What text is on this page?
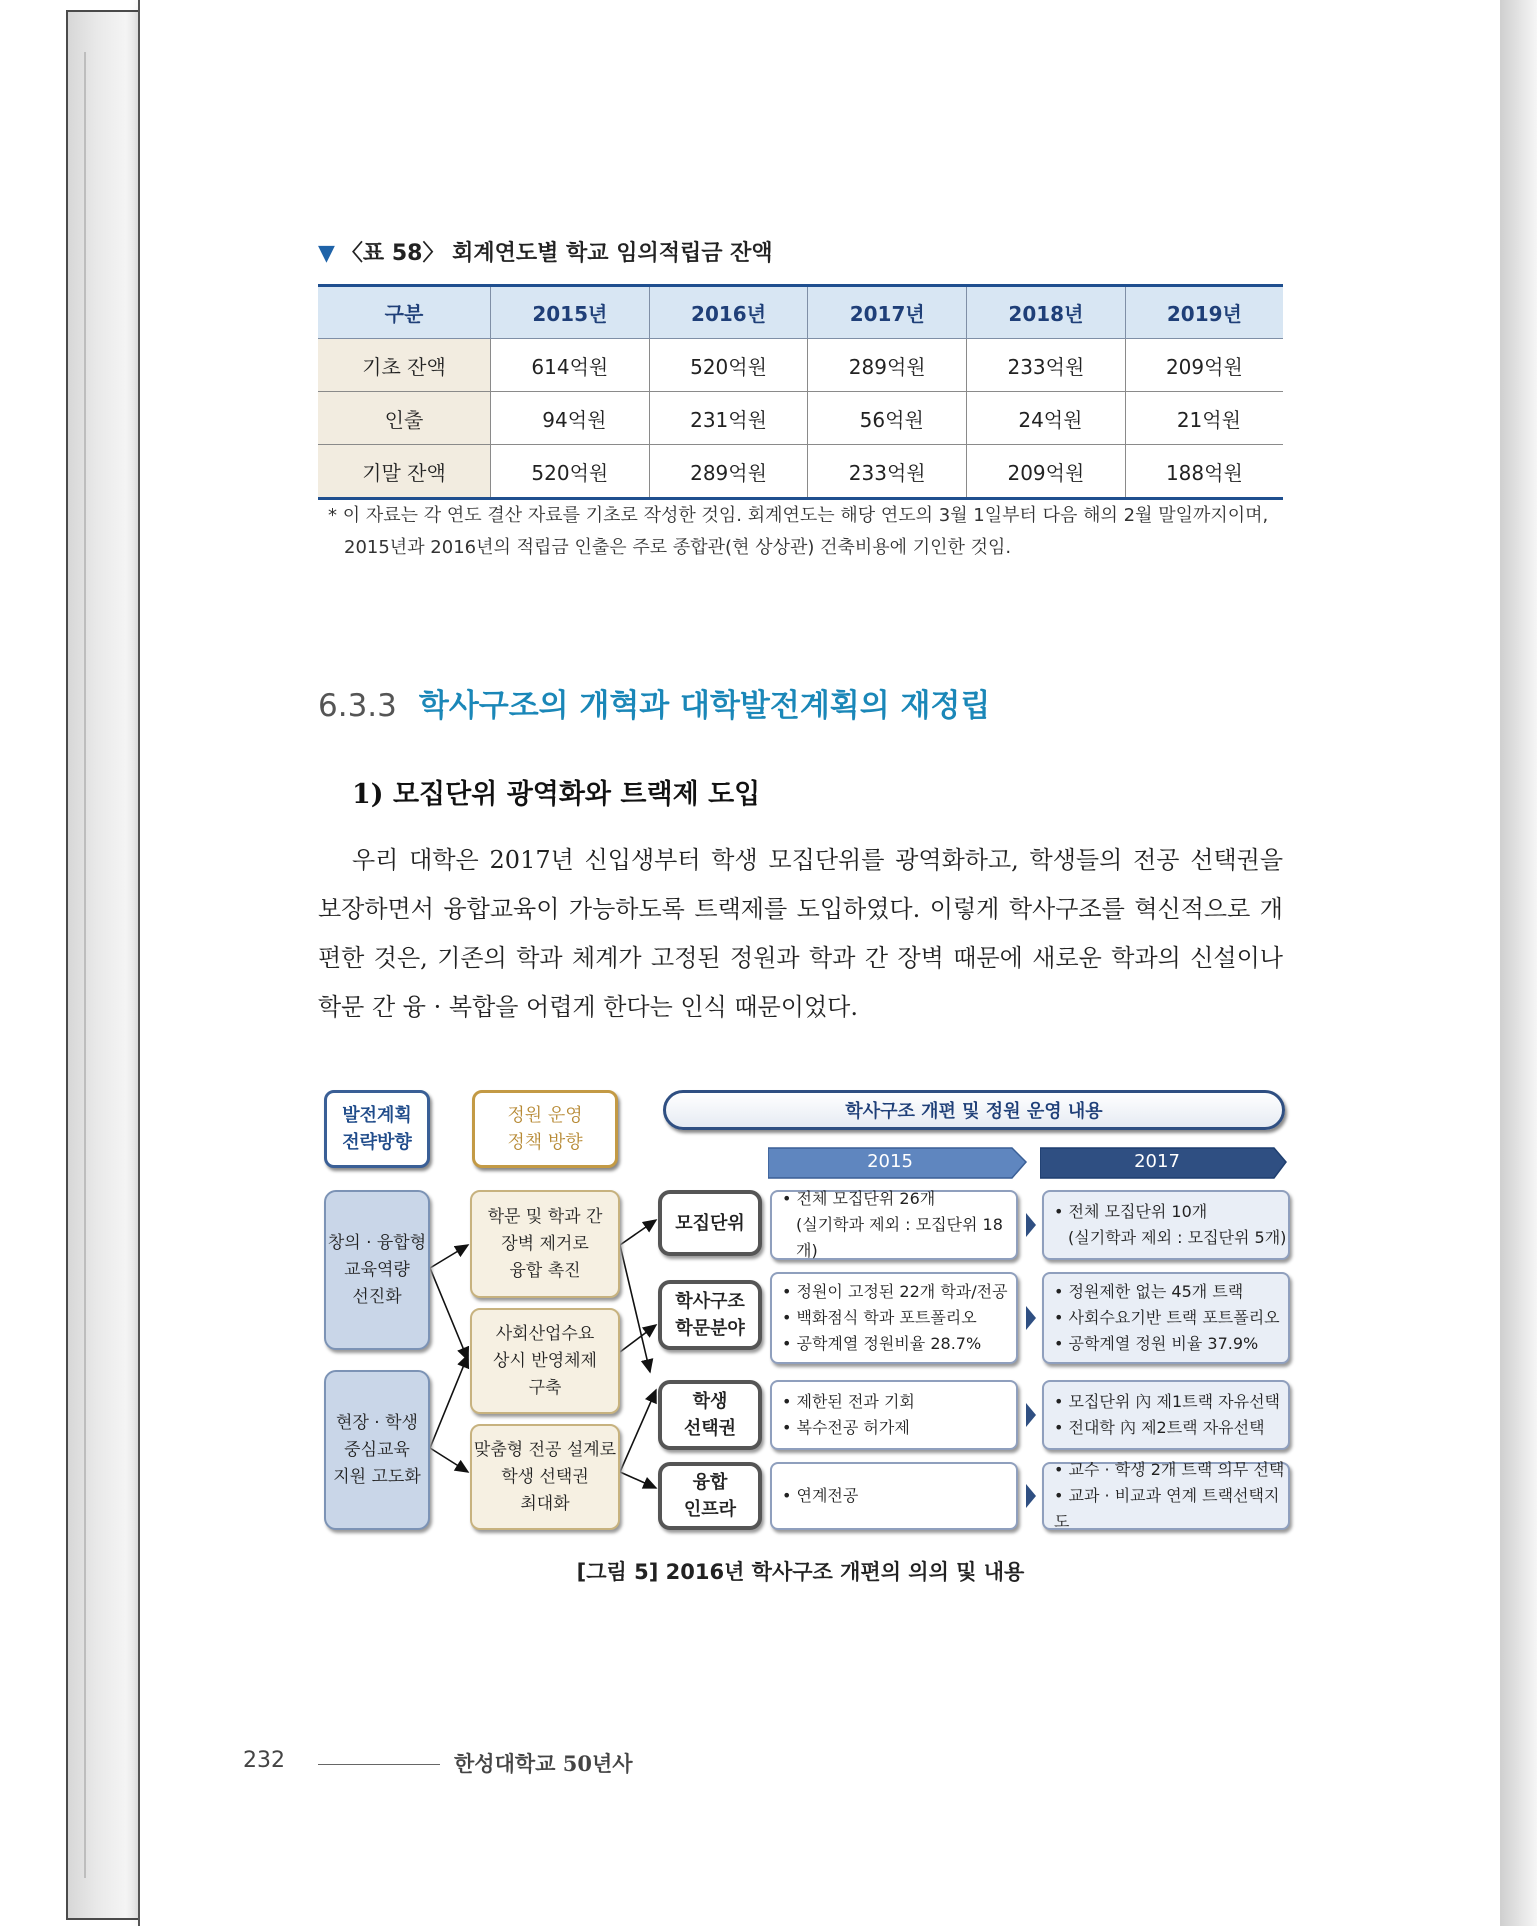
▼ 〈표 58〉 회계연도별 학교 임의적립금 잔액
구분	2015년	2016년	2017년	2018년	2019년
기초 잔액	614억원	520억원	289억원	233억원	209억원
인출	94억원	231억원	56억원	24억원	21억원
기말 잔액	520억원	289억원	233억원	209억원	188억원
* 이 자료는 각 연도 결산 자료를 기초로 작성한 것임. 회계연도는 해당 연도의 3월 1일부터 다음 해의 2월 말일까지이며,
2015년과 2016년의 적립금 인출은 주로 종합관(현 상상관) 건축비용에 기인한 것임.
6.3.3 학사구조의 개혁과 대학발전계획의 재정립
1) 모집단위 광역화와 트랙제 도입

우리 대학은 2017년 신입생부터 학생 모집단위를 광역화하고, 학생들의 전공 선택권을 보장하면서 융합교육이 가능하도록 트랙제를 도입하였다. 이렇게 학사구조를 혁신적으로 개편한 것은, 기존의 학과 체계가 고정된 정원과 학과 간 장벽 때문에 새로운 학과의 신설이나 학문 간 융 · 복합을 어렵게 한다는 인식 때문이었다.

발전계획
전략방향
정원 운영
정책 방향
학사구조 개편 및 정원 운영 내용
2015	2017
창의 · 융합형
교육역량
선진화
현장 · 학생
중심교육
지원 고도화
학문 및 학과 간
장벽 제거로
융합 촉진
사회산업수요
상시 반영체제
구축
맞춤형 전공 설계로
학생 선택권
최대화
모집단위
학사구조
학문분야
학생
선택권
융합
인프라
• 전체 모집단위 26개
(실기학과 제외 : 모집단위 18개)
• 정원이 고정된 22개 학과/전공
• 백화점식 학과 포트폴리오
• 공학계열 정원비율 28.7%
• 제한된 전과 기회
• 복수전공 허가제
• 연계전공
• 전체 모집단위 10개
(실기학과 제외 : 모집단위 5개)
• 정원제한 없는 45개 트랙
• 사회수요기반 트랙 포트폴리오
• 공학계열 정원 비율 37.9%
• 모집단위 內 제1트랙 자유선택
• 전대학 內 제2트랙 자유선택
• 교수 · 학생 2개 트랙 의무 선택
• 교과 · 비교과 연계 트랙선택지도
[그림 5] 2016년 학사구조 개편의 의의 및 내용
232	한성대학교 50년사
